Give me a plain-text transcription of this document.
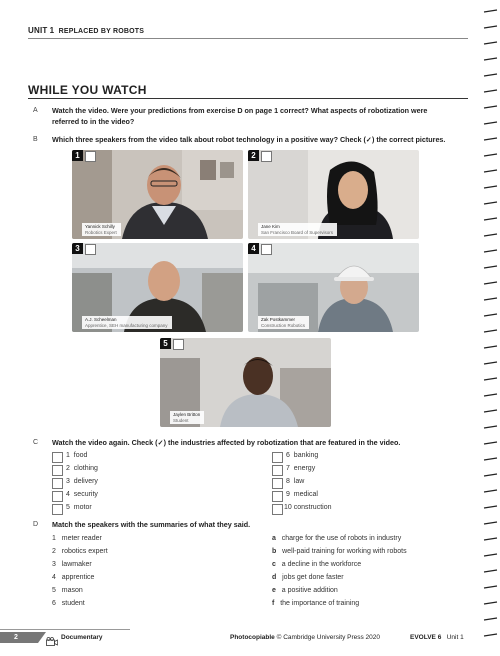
UNIT 1 REPLACED BY ROBOTS
WHILE YOU WATCH
A Watch the video. Were your predictions from exercise D on page 1 correct? What aspects of robotization were
referred to in the video?
B Which three speakers from the video talk about robot technology in a positive way? Check (✓) the correct pictures.
1
Yannick Schilly
Robotics Expert
2
Jane Kim
San Francisco Board of Supervisors
3
A.J. Scheelman
Apprentice, SEH manufacturing company
4
Zak Postkammer
Construction Robotics
5
Jaylen Britton
Student
C Watch the video again. Check (✓) the industries affected by robotization that are featured in the video.
1 food
2 clothing
3 delivery
4 security
5 motor
6 banking
7 energy
8 law
9 medical
10 construction
D Match the speakers with the summaries of what they said.
1 meter reader
2 robotics expert
3 lawmaker
4 apprentice
5 mason
6 student
a charge for the use of robots in industry
b well-paid training for working with robots
c a decline in the workforce
d jobs get done faster
e a positive addition
f the importance of training
2	Documentary	Photocopiable © Cambridge University Press 2020	EVOLVE 6 Unit 1
